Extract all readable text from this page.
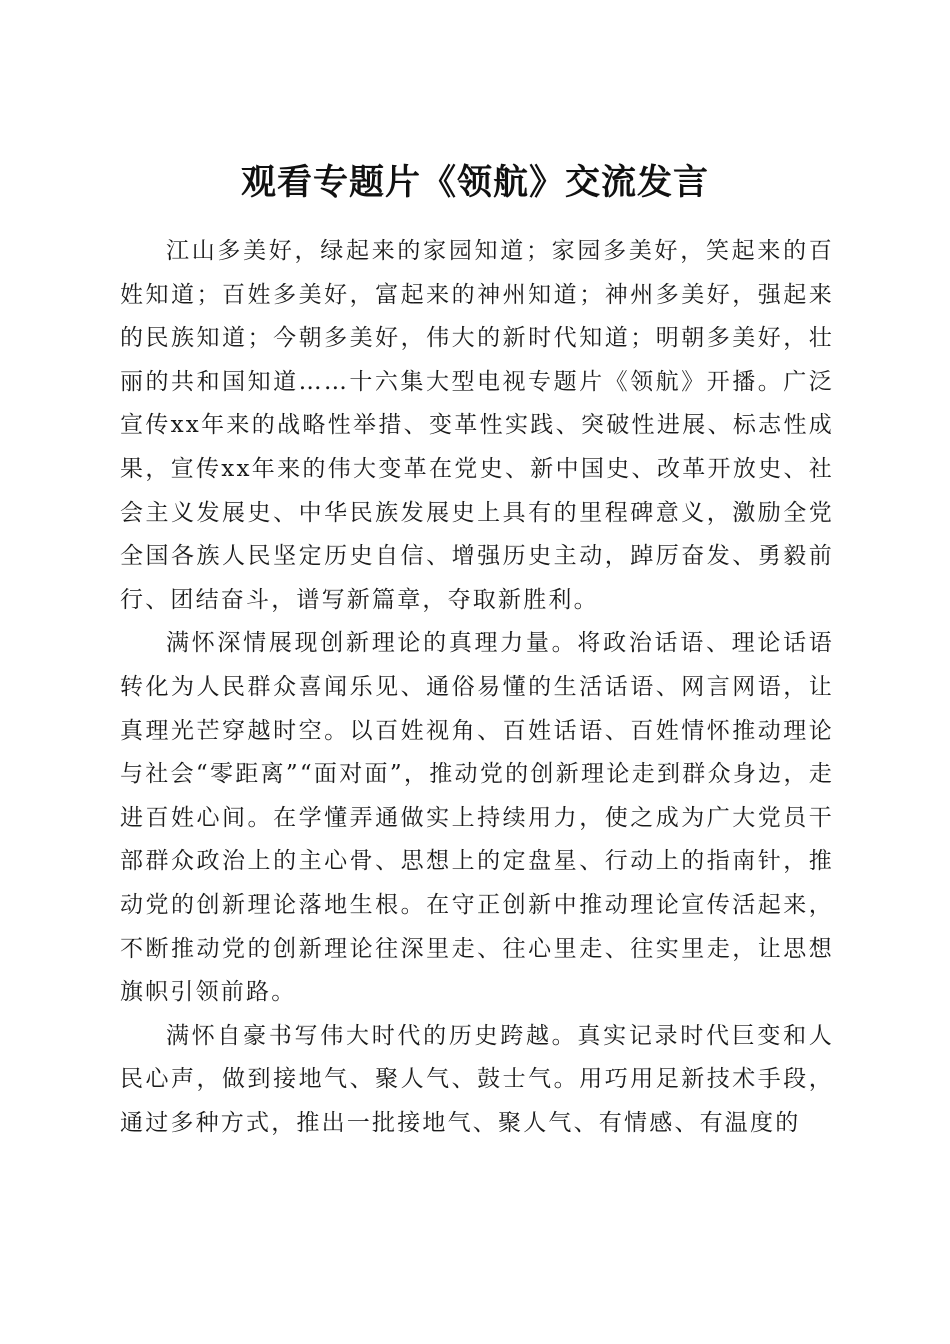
观看专题片《领航》交流发言

江山多美好，绿起来的家园知道；家园多美好，笑起来的百姓知道；百姓多美好，富起来的神州知道；神州多美好，强起来的民族知道；今朝多美好，伟大的新时代知道；明朝多美好，壮丽的共和国知道……十六集大型电视专题片《领航》开播。广泛宣传xx年来的战略性举措、变革性实践、突破性进展、标志性成果，宣传xx年来的伟大变革在党史、新中国史、改革开放史、社会主义发展史、中华民族发展史上具有的里程碑意义，激励全党全国各族人民坚定历史自信、增强历史主动，踔厉奋发、勇毅前行、团结奋斗，谱写新篇章，夺取新胜利。

满怀深情展现创新理论的真理力量。将政治话语、理论话语转化为人民群众喜闻乐见、通俗易懂的生活话语、网言网语，让真理光芒穿越时空。以百姓视角、百姓话语、百姓情怀推动理论与社会“零距离”“面对面”，推动党的创新理论走到群众身边，走进百姓心间。在学懂弄通做实上持续用力，使之成为广大党员干部群众政治上的主心骨、思想上的定盘星、行动上的指南针，推动党的创新理论落地生根。在守正创新中推动理论宣传活起来，不断推动党的创新理论往深里走、往心里走、往实里走，让思想旗帜引领前路。

满怀自豪书写伟大时代的历史跨越。真实记录时代巨变和人民心声，做到接地气、聚人气、鼓士气。用巧用足新技术手段，通过多种方式，推出一批接地气、聚人气、有情感、有温度的
